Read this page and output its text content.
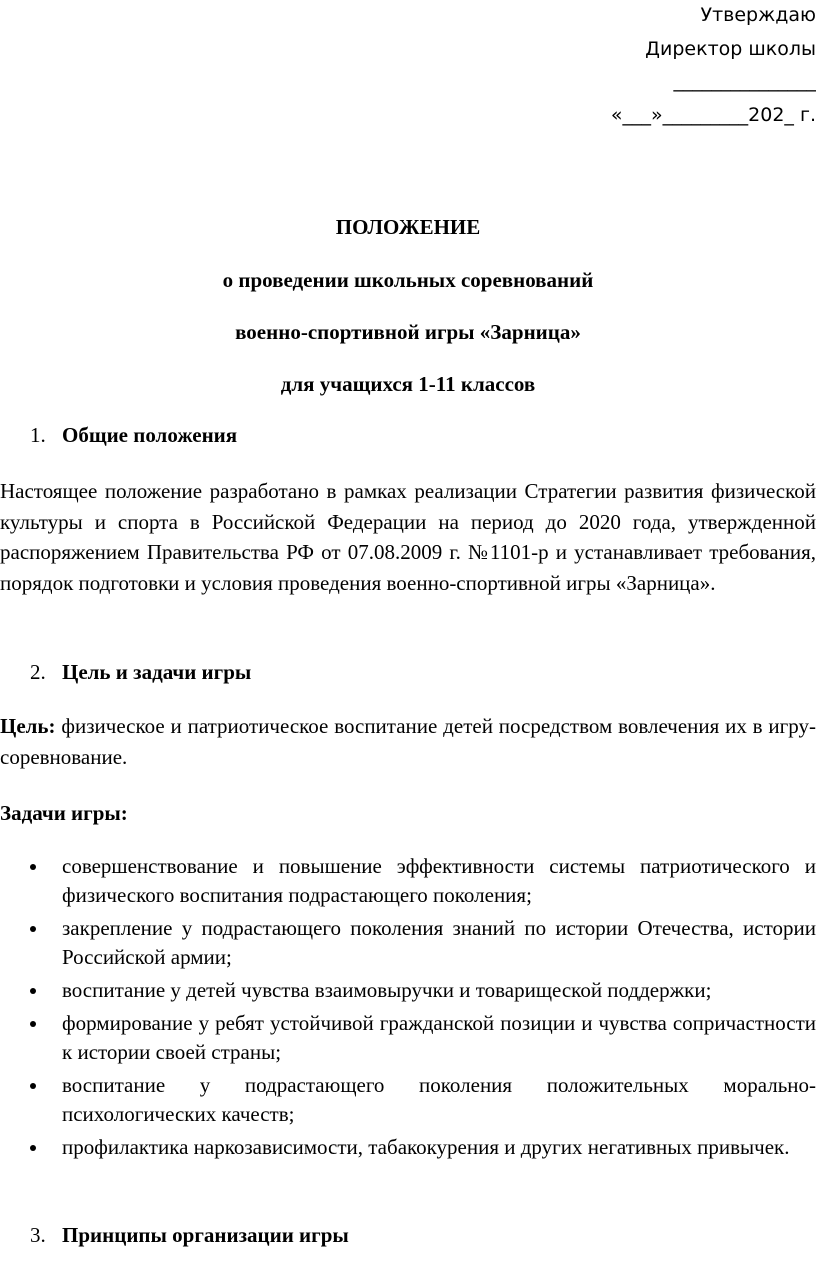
Утверждаю
Директор школы
_______________
«___»_________202_ г.
ПОЛОЖЕНИЕ
о проведении школьных соревнований
военно-спортивной игры «Зарница»
для учащихся 1-11 классов
1. Общие положения
Настоящее положение разработано в рамках реализации Стратегии развития физической культуры и спорта в Российской Федерации на период до 2020 года, утвержденной распоряжением Правительства РФ от 07.08.2009 г. №1101-р и устанавливает требования, порядок подготовки и условия проведения военно-спортивной игры «Зарница».
2. Цель и задачи игры
Цель: физическое и патриотическое воспитание детей посредством вовлечения их в игру-соревнование.
Задачи игры:
совершенствование и повышение эффективности системы патриотического и физического воспитания подрастающего поколения;
закрепление у подрастающего поколения знаний по истории Отечества, истории Российской армии;
воспитание у детей чувства взаимовыручки и товарищеской поддержки;
формирование у ребят устойчивой гражданской позиции и чувства сопричастности к истории своей страны;
воспитание у подрастающего поколения положительных морально-психологических качеств;
профилактика наркозависимости, табакокурения и других негативных привычек.
3. Принципы организации игры
